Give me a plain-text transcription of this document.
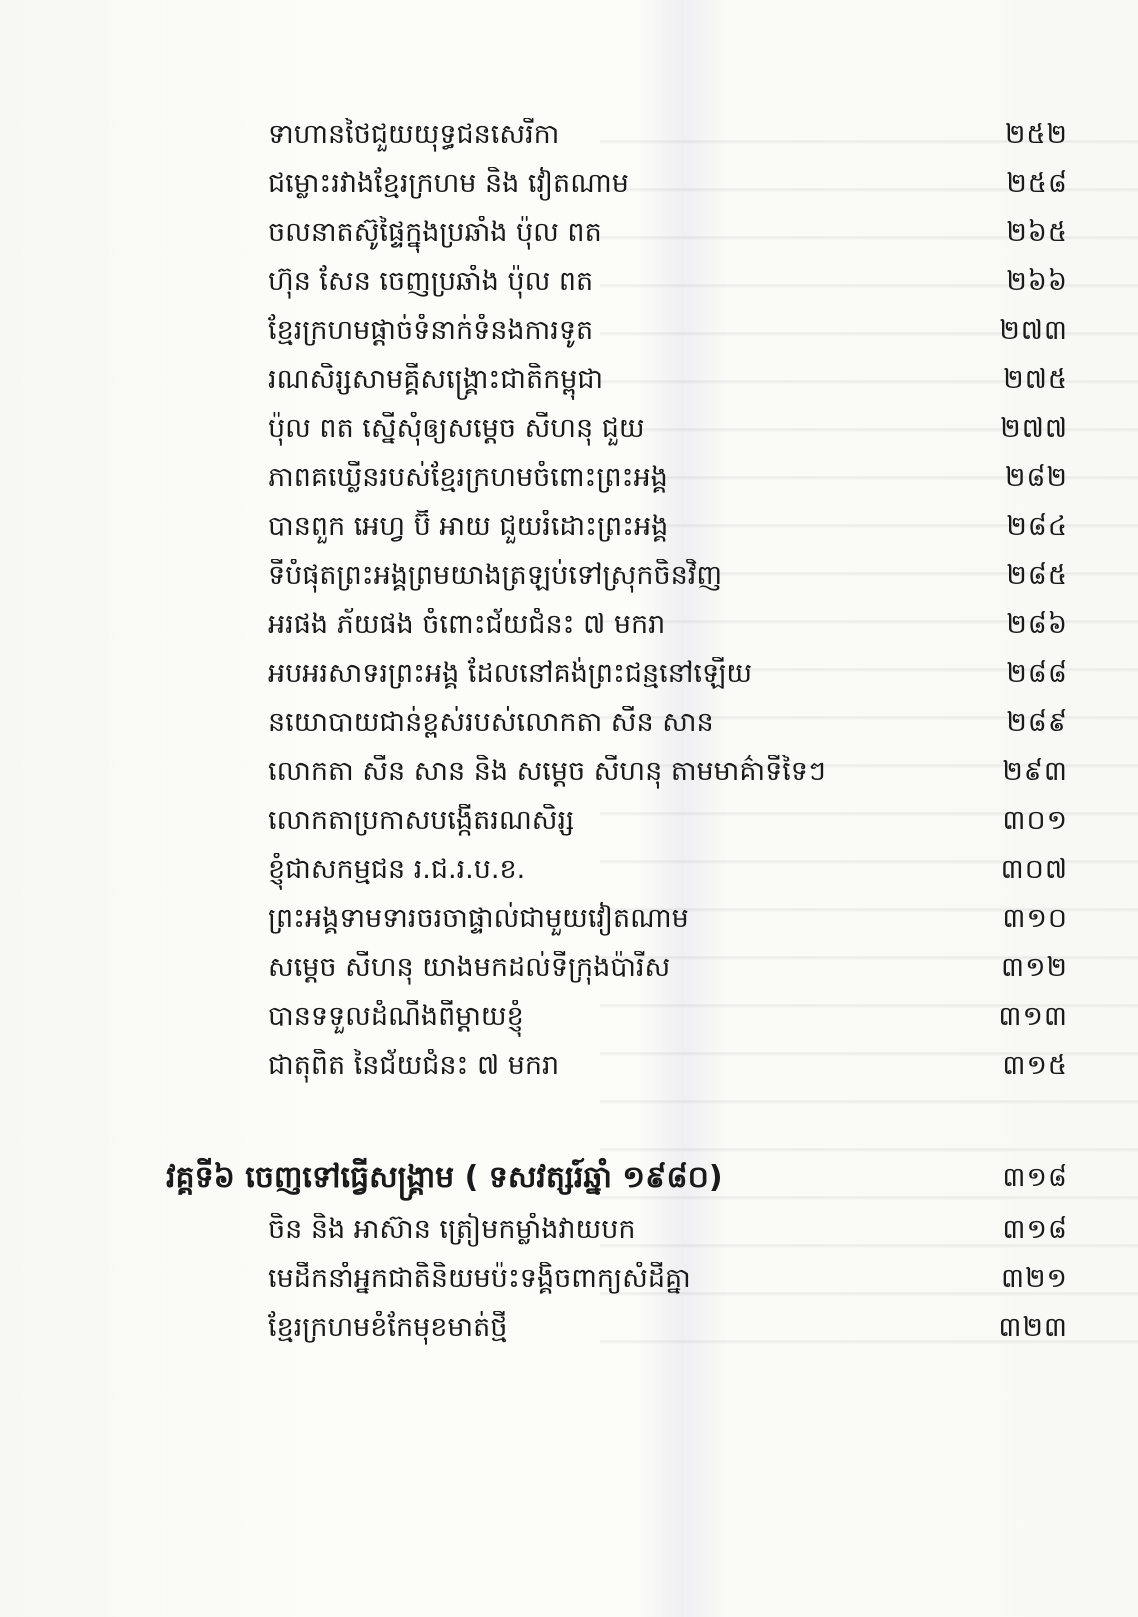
ទាហានថៃជួយយុទ្ធជនសេរីកា	២៥២
ជម្លោះរវាងខ្មែរក្រហម និង វៀតណាម	២៥៨
ចលនាតស៊ូផ្ទៃក្នុងប្រឆាំង ប៉ុល ពត	២៦៥
ហ៊ុន សែន ចេញប្រឆាំង ប៉ុល ពត	២៦៦
ខ្មែរក្រហមផ្ដាច់ទំនាក់ទំនងការទូត	២៧៣
រណសិរ្សសាមគ្គីសង្គ្រោះជាតិកម្ពុជា	២៧៥
ប៉ុល ពត ស្នើសុំឲ្យសម្ដេច សីហនុ ជួយ	២៧៧
ភាពគឃ្លើនរបស់ខ្មែរក្រហមចំពោះព្រះអង្គ	២៨២
បានពួក អេហ្វ ប៊ី អាយ ជួយរំដោះព្រះអង្គ	២៨៤
ទីបំផុតព្រះអង្គព្រមយាងត្រឡប់ទៅស្រុកចិនវិញ	២៨៥
អរផង ភ័យផង ចំពោះជ័យជំនះ ៧ មករា	២៨៦
អបអរសាទរព្រះអង្គ ដែលនៅគង់ព្រះជន្មនៅឡើយ	២៨៨
នយោបាយជាន់ខ្ពស់របស់លោកតា សឺន សាន	២៨៩
លោកតា សឺន សាន និង សម្ដេច សីហនុ តាមមាគ៌ាទីទៃៗ	២៩៣
លោកតាប្រកាសបង្កើតរណសិរ្ស	៣០១
ខ្ញុំជាសកម្មជន រ.ជ.រ.ប.ខ.	៣០៧
ព្រះអង្គទាមទារចរចាផ្ទាល់ជាមួយវៀតណាម	៣១០
សម្ដេច សីហនុ យាងមកដល់ទីក្រុងប៉ារីស	៣១២
បានទទួលដំណឹងពីម្ដាយខ្ញុំ	៣១៣
ជាតុពិត នៃជ័យជំនះ ៧ មករា	៣១៥
វគ្គទី៦ ចេញទៅធ្វើសង្គ្រាម ( ទសវត្សរ៍ឆ្នាំ ១៩៨០)	៣១៨
ចិន និង អាស៊ាន ត្រៀមកម្លាំងវាយបក	៣១៨
មេដឹកនាំអ្នកជាតិនិយមប៉ះទង្គិចពាក្យសំដីគ្នា	៣២១
ខ្មែរក្រហមខំកែមុខមាត់ថ្មី	៣២៣
